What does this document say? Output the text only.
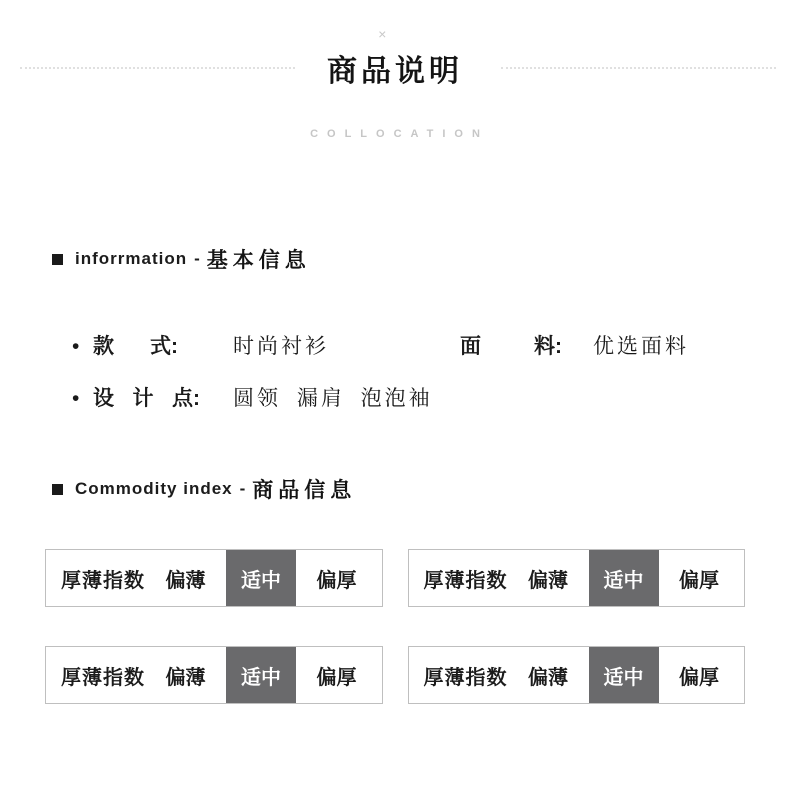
×
商品说明
COLLOCATION
inforrmation - 基本信息
• 款式:	时尚衬衫	面料:	优选面料
• 设计点:	圆领 漏肩 泡泡袖
Commodity index - 商品信息
厚薄指数	偏薄	适中	偏厚	厚薄指数	偏薄	适中	偏厚
厚薄指数	偏薄	适中	偏厚	厚薄指数	偏薄	适中	偏厚
